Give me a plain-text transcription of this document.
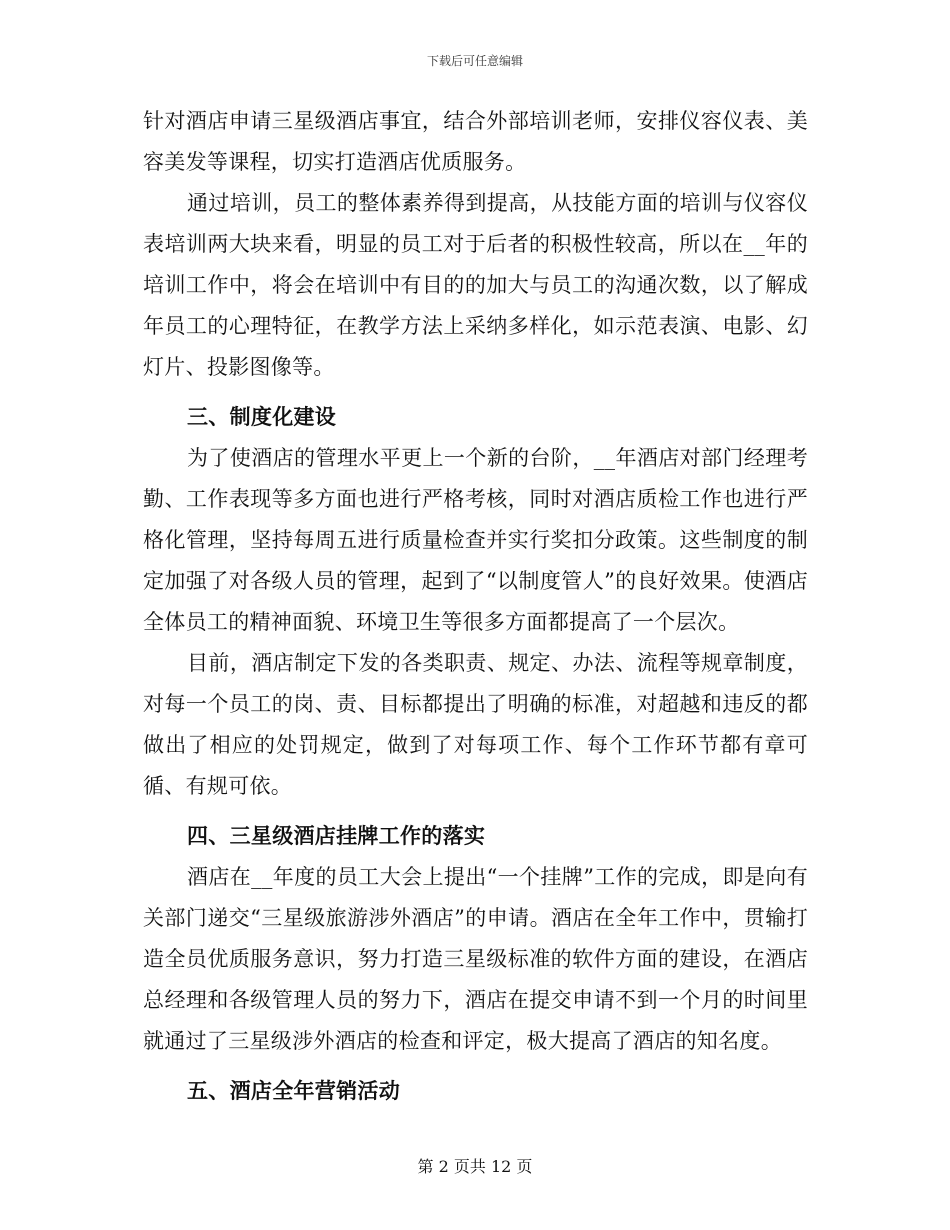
下载后可任意编辑

针对酒店申请三星级酒店事宜，结合外部培训老师，安排仪容仪表、美容美发等课程，切实打造酒店优质服务。

通过培训，员工的整体素养得到提高，从技能方面的培训与仪容仪表培训两大块来看，明显的员工对于后者的积极性较高，所以在__年的培训工作中，将会在培训中有目的的加大与员工的沟通次数，以了解成年员工的心理特征，在教学方法上采纳多样化，如示范表演、电影、幻灯片、投影图像等。

三、制度化建设

为了使酒店的管理水平更上一个新的台阶，__年酒店对部门经理考勤、工作表现等多方面也进行严格考核，同时对酒店质检工作也进行严格化管理，坚持每周五进行质量检查并实行奖扣分政策。这些制度的制定加强了对各级人员的管理，起到了“以制度管人”的良好效果。使酒店全体员工的精神面貌、环境卫生等很多方面都提高了一个层次。

目前，酒店制定下发的各类职责、规定、办法、流程等规章制度，对每一个员工的岗、责、目标都提出了明确的标准，对超越和违反的都做出了相应的处罚规定，做到了对每项工作、每个工作环节都有章可循、有规可依。

四、三星级酒店挂牌工作的落实

酒店在__年度的员工大会上提出“一个挂牌”工作的完成，即是向有关部门递交“三星级旅游涉外酒店”的申请。酒店在全年工作中，贯输打造全员优质服务意识，努力打造三星级标准的软件方面的建设，在酒店总经理和各级管理人员的努力下，酒店在提交申请不到一个月的时间里就通过了三星级涉外酒店的检查和评定，极大提高了酒店的知名度。

五、酒店全年营销活动

第 2 页共 12 页
